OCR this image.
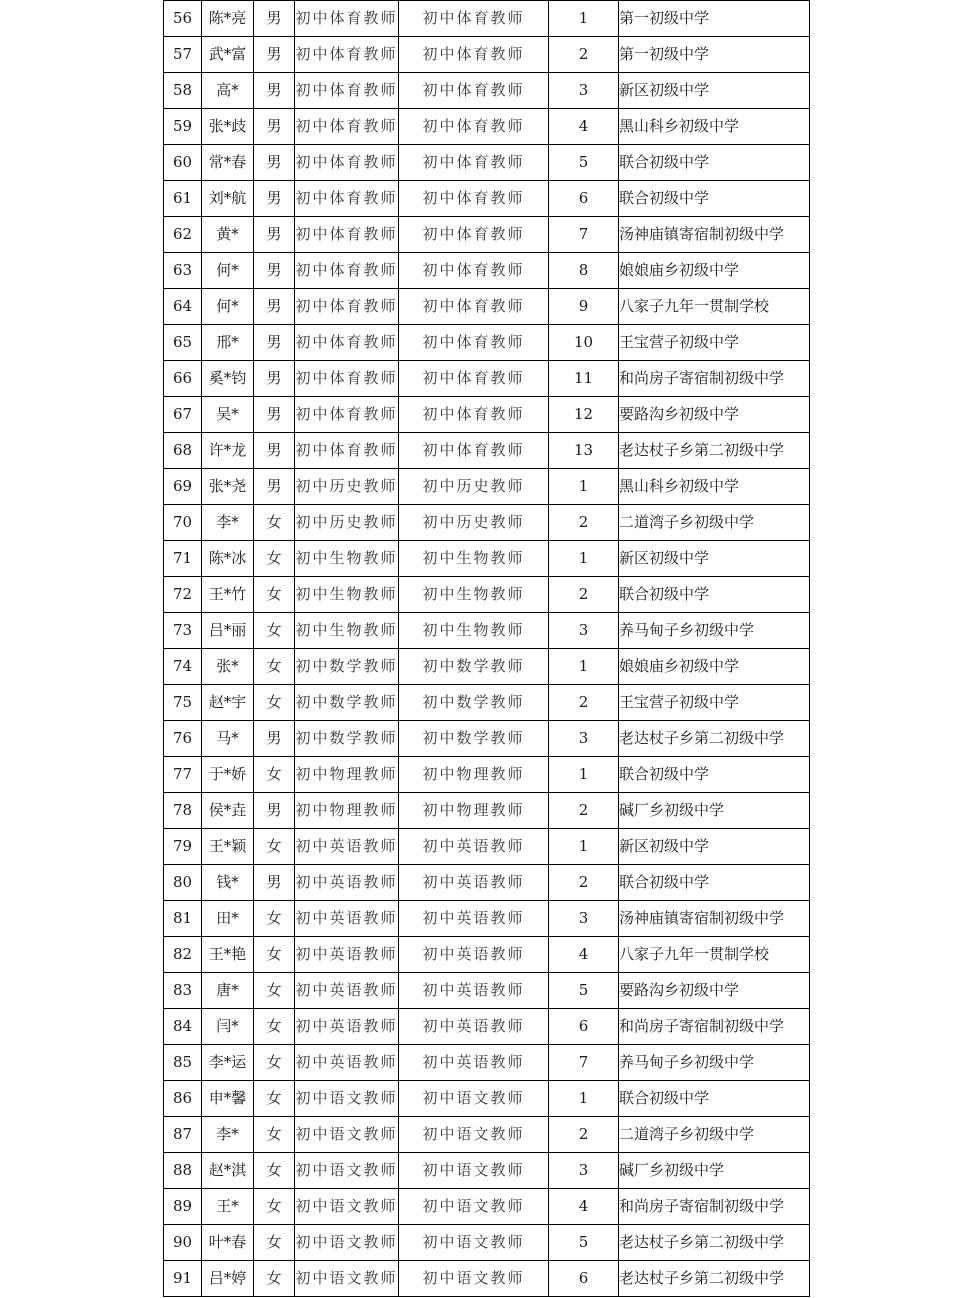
56	陈*亮	男	初中体育教师	初中体育教师	1	第一初级中学
57	武*富	男	初中体育教师	初中体育教师	2	第一初级中学
58	高*	男	初中体育教师	初中体育教师	3	新区初级中学
59	张*歧	男	初中体育教师	初中体育教师	4	黑山科乡初级中学
60	常*春	男	初中体育教师	初中体育教师	5	联合初级中学
61	刘*航	男	初中体育教师	初中体育教师	6	联合初级中学
62	黄*	男	初中体育教师	初中体育教师	7	汤神庙镇寄宿制初级中学
63	何*	男	初中体育教师	初中体育教师	8	娘娘庙乡初级中学
64	何*	男	初中体育教师	初中体育教师	9	八家子九年一贯制学校
65	邢*	男	初中体育教师	初中体育教师	10	王宝营子初级中学
66	奚*钧	男	初中体育教师	初中体育教师	11	和尚房子寄宿制初级中学
67	吴*	男	初中体育教师	初中体育教师	12	要路沟乡初级中学
68	许*龙	男	初中体育教师	初中体育教师	13	老达杖子乡第二初级中学
69	张*尧	男	初中历史教师	初中历史教师	1	黑山科乡初级中学
70	李*	女	初中历史教师	初中历史教师	2	二道湾子乡初级中学
71	陈*冰	女	初中生物教师	初中生物教师	1	新区初级中学
72	王*竹	女	初中生物教师	初中生物教师	2	联合初级中学
73	吕*丽	女	初中生物教师	初中生物教师	3	养马甸子乡初级中学
74	张*	女	初中数学教师	初中数学教师	1	娘娘庙乡初级中学
75	赵*宇	女	初中数学教师	初中数学教师	2	王宝营子初级中学
76	马*	男	初中数学教师	初中数学教师	3	老达杖子乡第二初级中学
77	于*娇	女	初中物理教师	初中物理教师	1	联合初级中学
78	侯*垚	男	初中物理教师	初中物理教师	2	碱厂乡初级中学
79	王*颖	女	初中英语教师	初中英语教师	1	新区初级中学
80	钱*	男	初中英语教师	初中英语教师	2	联合初级中学
81	田*	女	初中英语教师	初中英语教师	3	汤神庙镇寄宿制初级中学
82	王*艳	女	初中英语教师	初中英语教师	4	八家子九年一贯制学校
83	唐*	女	初中英语教师	初中英语教师	5	要路沟乡初级中学
84	闫*	女	初中英语教师	初中英语教师	6	和尚房子寄宿制初级中学
85	李*运	女	初中英语教师	初中英语教师	7	养马甸子乡初级中学
86	申*馨	女	初中语文教师	初中语文教师	1	联合初级中学
87	李*	女	初中语文教师	初中语文教师	2	二道湾子乡初级中学
88	赵*淇	女	初中语文教师	初中语文教师	3	碱厂乡初级中学
89	王*	女	初中语文教师	初中语文教师	4	和尚房子寄宿制初级中学
90	叶*春	女	初中语文教师	初中语文教师	5	老达杖子乡第二初级中学
91	吕*婷	女	初中语文教师	初中语文教师	6	老达杖子乡第二初级中学
